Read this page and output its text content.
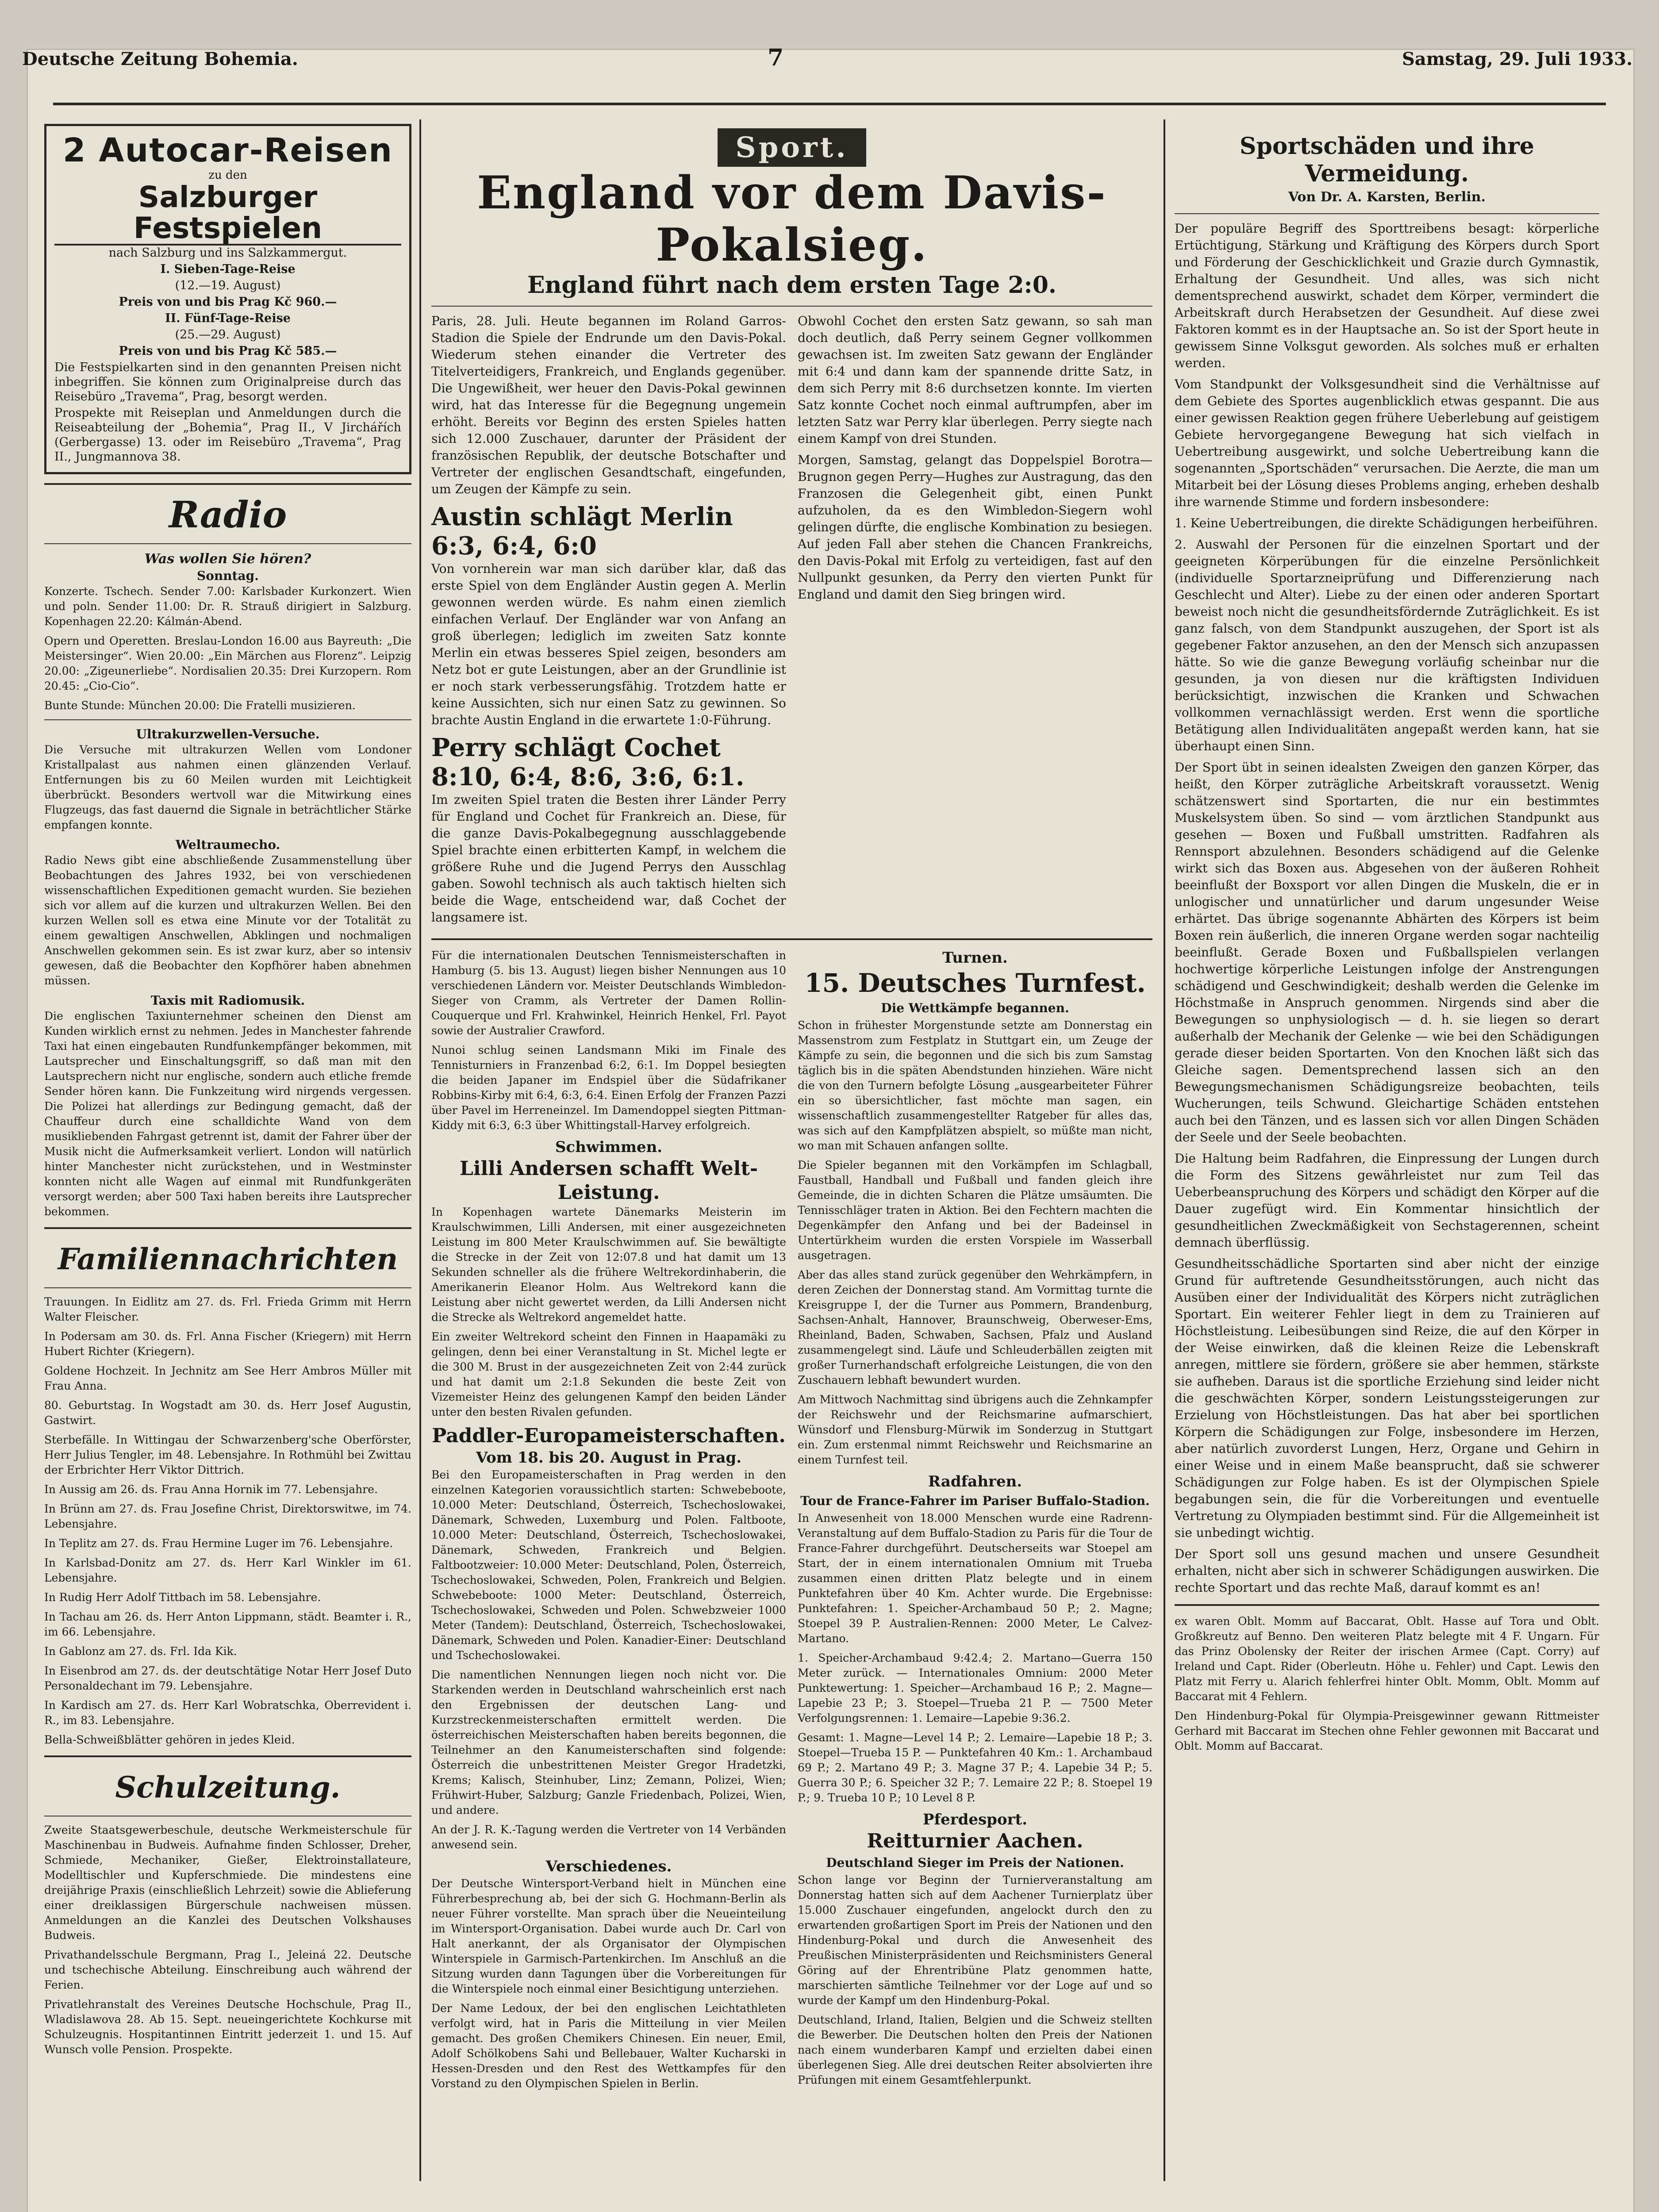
Deutsche Zeitung Bohemia.	7	Samstag, 29. Juli 1933.
2 Autocar-Reisen
zu den
Salzburger Festspielen

nach Salzburg und ins Salzkammergut.

I. Sieben-Tage-Reise

(12.—19. August)

Preis von und bis Prag Kč 960.—

II. Fünf-Tage-Reise

(25.—29. August)

Preis von und bis Prag Kč 585.—

Die Festspielkarten sind in den genannten Preisen nicht inbegriffen. Sie können zum Originalpreise durch das Reisebüro „Travema“, Prag, besorgt werden.

Prospekte mit Reiseplan und Anmeldungen durch die Reiseabteilung der „Bohemia“, Prag II., V Jirchářích (Gerbergasse) 13. oder im Reisebüro „Travema“, Prag II., Jungmannova 38.

Radio
Was wollen Sie hören?
Sonntag.

Konzerte. Tschech. Sender 7.00: Karlsbader Kurkonzert. Wien und poln. Sender 11.00: Dr. R. Strauß dirigiert in Salzburg. Kopenhagen 22.20: Kálmán-Abend.

Opern und Operetten. Breslau-London 16.00 aus Bayreuth: „Die Meistersinger“. Wien 20.00: „Ein Märchen aus Florenz“. Leipzig 20.00: „Zigeunerliebe“. Nordisalien 20.35: Drei Kurzopern. Rom 20.45: „Cio-Cio“.

Bunte Stunde: München 20.00: Die Fratelli musizieren.

Ultrakurzwellen-Versuche.

Die Versuche mit ultrakurzen Wellen vom Londoner Kristallpalast aus nahmen einen glänzenden Verlauf. Entfernungen bis zu 60 Meilen wurden mit Leichtigkeit überbrückt. Besonders wertvoll war die Mitwirkung eines Flugzeugs, das fast dauernd die Signale in beträchtlicher Stärke empfangen konnte.

Weltraumecho.

Radio News gibt eine abschließende Zusammenstellung über Beobachtungen des Jahres 1932, bei von verschiedenen wissenschaftlichen Expeditionen gemacht wurden. Sie beziehen sich vor allem auf die kurzen und ultrakurzen Wellen. Bei den kurzen Wellen soll es etwa eine Minute vor der Totalität zu einem gewaltigen Anschwellen, Abklingen und nochmaligen Anschwellen gekommen sein. Es ist zwar kurz, aber so intensiv gewesen, daß die Beobachter den Kopfhörer haben abnehmen müssen.

Taxis mit Radiomusik.

Die englischen Taxiunternehmer scheinen den Dienst am Kunden wirklich ernst zu nehmen. Jedes in Manchester fahrende Taxi hat einen eingebauten Rundfunkempfänger bekommen, mit Lautsprecher und Einschaltungsgriff, so daß man mit den Lautsprechern nicht nur englische, sondern auch etliche fremde Sender hören kann. Die Funkzeitung wird nirgends vergessen. Die Polizei hat allerdings zur Bedingung gemacht, daß der Chauffeur durch eine schalldichte Wand von dem musikliebenden Fahrgast getrennt ist, damit der Fahrer über der Musik nicht die Aufmerksamkeit verliert. London will natürlich hinter Manchester nicht zurückstehen, und in Westminster konnten nicht alle Wagen auf einmal mit Rundfunkgeräten versorgt werden; aber 500 Taxi haben bereits ihre Lautsprecher bekommen.

Familiennachrichten

Trauungen. In Eidlitz am 27. ds. Frl. Frieda Grimm mit Herrn Walter Fleischer.

In Podersam am 30. ds. Frl. Anna Fischer (Kriegern) mit Herrn Hubert Richter (Kriegern).

Goldene Hochzeit. In Jechnitz am See Herr Ambros Müller mit Frau Anna.

80. Geburtstag. In Wogstadt am 30. ds. Herr Josef Augustin, Gastwirt.

Sterbefälle. In Wittingau der Schwarzenberg'sche Oberförster, Herr Julius Tengler, im 48. Lebensjahre. In Rothmühl bei Zwittau der Erbrichter Herr Viktor Dittrich.

In Aussig am 26. ds. Frau Anna Hornik im 77. Lebensjahre.

In Brünn am 27. ds. Frau Josefine Christ, Direktorswitwe, im 74. Lebensjahre.

In Teplitz am 27. ds. Frau Hermine Luger im 76. Lebensjahre.

In Karlsbad-Donitz am 27. ds. Herr Karl Winkler im 61. Lebensjahre.

In Rudig Herr Adolf Tittbach im 58. Lebensjahre.

In Tachau am 26. ds. Herr Anton Lippmann, städt. Beamter i. R., im 66. Lebensjahre.

In Gablonz am 27. ds. Frl. Ida Kik.

In Eisenbrod am 27. ds. der deutschtätige Notar Herr Josef Duto Personaldechant im 79. Lebensjahre.

In Kardisch am 27. ds. Herr Karl Wobratschka, Oberrevident i. R., im 83. Lebensjahre.

Bella-Schweißblätter gehören in jedes Kleid.

Schulzeitung.

Zweite Staatsgewerbeschule, deutsche Werkmeisterschule für Maschinenbau in Budweis. Aufnahme finden Schlosser, Dreher, Schmiede, Mechaniker, Gießer, Elektroinstallateure, Modelltischler und Kupferschmiede. Die mindestens eine dreijährige Praxis (einschließlich Lehrzeit) sowie die Ablieferung einer dreiklassigen Bürgerschule nachweisen müssen. Anmeldungen an die Kanzlei des Deutschen Volkshauses Budweis.

Privathandelsschule Bergmann, Prag I., Jeleiná 22. Deutsche und tschechische Abteilung. Einschreibung auch während der Ferien.

Privatlehranstalt des Vereines Deutsche Hochschule, Prag II., Wladislawova 28. Ab 15. Sept. neueingerichtete Kochkurse mit Schulzeugnis. Hospitantinnen Eintritt jederzeit 1. und 15. Auf Wunsch volle Pension. Prospekte.

Sport.
England vor dem Davis-Pokalsieg.
England führt nach dem ersten Tage 2:0.

Paris, 28. Juli. Heute begannen im Roland Garros-Stadion die Spiele der Endrunde um den Davis-Pokal. Wiederum stehen einander die Vertreter des Titelverteidigers, Frankreich, und Englands gegenüber. Die Ungewißheit, wer heuer den Davis-Pokal gewinnen wird, hat das Interesse für die Begegnung ungemein erhöht. Bereits vor Beginn des ersten Spieles hatten sich 12.000 Zuschauer, darunter der Präsident der französischen Republik, der deutsche Botschafter und Vertreter der englischen Gesandtschaft, eingefunden, um Zeugen der Kämpfe zu sein.

Austin schlägt Merlin 6:3, 6:4, 6:0

Von vornherein war man sich darüber klar, daß das erste Spiel von dem Engländer Austin gegen A. Merlin gewonnen werden würde. Es nahm einen ziemlich einfachen Verlauf. Der Engländer war von Anfang an groß überlegen; lediglich im zweiten Satz konnte Merlin ein etwas besseres Spiel zeigen, besonders am Netz bot er gute Leistungen, aber an der Grundlinie ist er noch stark verbesserungsfähig. Trotzdem hatte er keine Aussichten, sich nur einen Satz zu gewinnen. So brachte Austin England in die erwartete 1:0-Führung.

Perry schlägt Cochet 8:10, 6:4, 8:6, 3:6, 6:1.

Im zweiten Spiel traten die Besten ihrer Länder Perry für England und Cochet für Frankreich an. Diese, für die ganze Davis-Pokalbegegnung ausschlaggebende Spiel brachte einen erbitterten Kampf, in welchem die größere Ruhe und die Jugend Perrys den Ausschlag gaben. Sowohl technisch als auch taktisch hielten sich beide die Wage, entscheidend war, daß Cochet der langsamere ist.

Obwohl Cochet den ersten Satz gewann, so sah man doch deutlich, daß Perry seinem Gegner vollkommen gewachsen ist. Im zweiten Satz gewann der Engländer mit 6:4 und dann kam der spannende dritte Satz, in dem sich Perry mit 8:6 durchsetzen konnte. Im vierten Satz konnte Cochet noch einmal auftrumpfen, aber im letzten Satz war Perry klar überlegen. Perry siegte nach einem Kampf von drei Stunden.

Morgen, Samstag, gelangt das Doppelspiel Borotra—Brugnon gegen Perry—Hughes zur Austragung, das den Franzosen die Gelegenheit gibt, einen Punkt aufzuholen, da es den Wimbledon-Siegern wohl gelingen dürfte, die englische Kombination zu besiegen. Auf jeden Fall aber stehen die Chancen Frankreichs, den Davis-Pokal mit Erfolg zu verteidigen, fast auf den Nullpunkt gesunken, da Perry den vierten Punkt für England und damit den Sieg bringen wird.

Für die internationalen Deutschen Tennismeisterschaften in Hamburg (5. bis 13. August) liegen bisher Nennungen aus 10 verschiedenen Ländern vor. Meister Deutschlands Wimbledon-Sieger von Cramm, als Vertreter der Damen Rollin-Couquerque und Frl. Krahwinkel, Heinrich Henkel, Frl. Payot sowie der Australier Crawford.

Nunoi schlug seinen Landsmann Miki im Finale des Tennisturniers in Franzenbad 6:2, 6:1. Im Doppel besiegten die beiden Japaner im Endspiel über die Südafrikaner Robbins-Kirby mit 6:4, 6:3, 6:4. Einen Erfolg der Franzen Pazzi über Pavel im Herreneinzel. Im Damendoppel siegten Pittman-Kiddy mit 6:3, 6:3 über Whittingstall-Harvey erfolgreich.

Schwimmen.
Lilli Andersen schafft Welt-Leistung.

In Kopenhagen wartete Dänemarks Meisterin im Kraulschwimmen, Lilli Andersen, mit einer ausgezeichneten Leistung im 800 Meter Kraulschwimmen auf. Sie bewältigte die Strecke in der Zeit von 12:07.8 und hat damit um 13 Sekunden schneller als die frühere Weltrekordinhaberin, die Amerikanerin Eleanor Holm. Aus Weltrekord kann die Leistung aber nicht gewertet werden, da Lilli Andersen nicht die Strecke als Weltrekord angemeldet hatte.

Ein zweiter Weltrekord scheint den Finnen in Haapamäki zu gelingen, denn bei einer Veranstaltung in St. Michel legte er die 300 M. Brust in der ausgezeichneten Zeit von 2:44 zurück und hat damit um 2:1.8 Sekunden die beste Zeit von Vizemeister Heinz des gelungenen Kampf den beiden Länder unter den besten Rivalen gefunden.

Paddler-Europameisterschaften.
Vom 18. bis 20. August in Prag.

Bei den Europameisterschaften in Prag werden in den einzelnen Kategorien voraussichtlich starten: Schwebeboote, 10.000 Meter: Deutschland, Österreich, Tschechoslowakei, Dänemark, Schweden, Luxemburg und Polen. Faltboote, 10.000 Meter: Deutschland, Österreich, Tschechoslowakei, Dänemark, Schweden, Frankreich und Belgien. Faltbootzweier: 10.000 Meter: Deutschland, Polen, Österreich, Tschechoslowakei, Schweden, Polen, Frankreich und Belgien. Schwebeboote: 1000 Meter: Deutschland, Österreich, Tschechoslowakei, Schweden und Polen. Schwebzweier 1000 Meter (Tandem): Deutschland, Österreich, Tschechoslowakei, Dänemark, Schweden und Polen. Kanadier-Einer: Deutschland und Tschechoslowakei.

Die namentlichen Nennungen liegen noch nicht vor. Die Starkenden werden in Deutschland wahrscheinlich erst nach den Ergebnissen der deutschen Lang- und Kurzstreckenmeisterschaften ermittelt werden. Die österreichischen Meisterschaften haben bereits begonnen, die Teilnehmer an den Kanumeisterschaften sind folgende: Österreich die unbestrittenen Meister Gregor Hradetzki, Krems; Kalisch, Steinhuber, Linz; Zemann, Polizei, Wien; Frühwirt-Huber, Salzburg; Ganzle Friedenbach, Polizei, Wien, und andere.

An der J. R. K.-Tagung werden die Vertreter von 14 Verbänden anwesend sein.

Verschiedenes.

Der Deutsche Wintersport-Verband hielt in München eine Führerbesprechung ab, bei der sich G. Hochmann-Berlin als neuer Führer vorstellte. Man sprach über die Neueinteilung im Wintersport-Organisation. Dabei wurde auch Dr. Carl von Halt anerkannt, der als Organisator der Olympischen Winterspiele in Garmisch-Partenkirchen. Im Anschluß an die Sitzung wurden dann Tagungen über die Vorbereitungen für die Winterspiele noch einmal einer Besichtigung unterziehen.

Der Name Ledoux, der bei den englischen Leichtathleten verfolgt wird, hat in Paris die Mitteilung in vier Meilen gemacht. Des großen Chemikers Chinesen. Ein neuer, Emil, Adolf Schölkobens Sahi und Bellebauer, Walter Kucharski in Hessen-Dresden und den Rest des Wettkampfes für den Vorstand zu den Olympischen Spielen in Berlin.

Turnen.
15. Deutsches Turnfest.
Die Wettkämpfe begannen.

Schon in frühester Morgenstunde setzte am Donnerstag ein Massenstrom zum Festplatz in Stuttgart ein, um Zeuge der Kämpfe zu sein, die begonnen und die sich bis zum Samstag täglich bis in die späten Abendstunden hinziehen. Wäre nicht die von den Turnern befolgte Lösung „ausgearbeiteter Führer ein so übersichtlicher, fast möchte man sagen, ein wissenschaftlich zusammengestellter Ratgeber für alles das, was sich auf den Kampfplätzen abspielt, so müßte man nicht, wo man mit Schauen anfangen sollte.

Die Spieler begannen mit den Vorkämpfen im Schlagball, Faustball, Handball und Fußball und fanden gleich ihre Gemeinde, die in dichten Scharen die Plätze umsäumten. Die Tennisschläger traten in Aktion. Bei den Fechtern machten die Degenkämpfer den Anfang und bei der Badeinsel in Untertürkheim wurden die ersten Vorspiele im Wasserball ausgetragen.

Aber das alles stand zurück gegenüber den Wehrkämpfern, in deren Zeichen der Donnerstag stand. Am Vormittag turnte die Kreisgruppe I, der die Turner aus Pommern, Brandenburg, Sachsen-Anhalt, Hannover, Braunschweig, Oberweser-Ems, Rheinland, Baden, Schwaben, Sachsen, Pfalz und Ausland zusammengelegt sind. Läufe und Schleuderbällen zeigten mit großer Turnerhandschaft erfolgreiche Leistungen, die von den Zuschauern lebhaft bewundert wurden.

Am Mittwoch Nachmittag sind übrigens auch die Zehnkampfer der Reichswehr und der Reichsmarine aufmarschiert, Wünsdorf und Flensburg-Mürwik im Sonderzug in Stuttgart ein. Zum erstenmal nimmt Reichswehr und Reichsmarine an einem Turnfest teil.

Radfahren.
Tour de France-Fahrer im Pariser Buffalo-Stadion.

In Anwesenheit von 18.000 Menschen wurde eine Radrenn-Veranstaltung auf dem Buffalo-Stadion zu Paris für die Tour de France-Fahrer durchgeführt. Deutscherseits war Stoepel am Start, der in einem internationalen Omnium mit Trueba zusammen einen dritten Platz belegte und in einem Punktefahren über 40 Km. Achter wurde. Die Ergebnisse: Punktefahren: 1. Speicher-Archambaud 50 P.; 2. Magne; Stoepel 39 P. Australien-Rennen: 2000 Meter, Le Calvez-Martano.

1. Speicher-Archambaud 9:42.4; 2. Martano—Guerra 150 Meter zurück. — Internationales Omnium: 2000 Meter Punktewertung: 1. Speicher—Archambaud 16 P.; 2. Magne—Lapebie 23 P.; 3. Stoepel—Trueba 21 P. — 7500 Meter Verfolgungsrennen: 1. Lemaire—Lapebie 9:36.2.

Gesamt: 1. Magne—Level 14 P.; 2. Lemaire—Lapebie 18 P.; 3. Stoepel—Trueba 15 P. — Punktefahren 40 Km.: 1. Archambaud 69 P.; 2. Martano 49 P.; 3. Magne 37 P.; 4. Lapebie 34 P.; 5. Guerra 30 P.; 6. Speicher 32 P.; 7. Lemaire 22 P.; 8. Stoepel 19 P.; 9. Trueba 10 P.; 10 Level 8 P.

Pferdesport.
Reitturnier Aachen.
Deutschland Sieger im Preis der Nationen.

Schon lange vor Beginn der Turnierveranstaltung am Donnerstag hatten sich auf dem Aachener Turnierplatz über 15.000 Zuschauer eingefunden, angelockt durch den zu erwartenden großartigen Sport im Preis der Nationen und den Hindenburg-Pokal und durch die Anwesenheit des Preußischen Ministerpräsidenten und Reichsministers General Göring auf der Ehrentribüne Platz genommen hatte, marschierten sämtliche Teilnehmer vor der Loge auf und so wurde der Kampf um den Hindenburg-Pokal.

Deutschland, Irland, Italien, Belgien und die Schweiz stellten die Bewerber. Die Deutschen holten den Preis der Nationen nach einem wunderbaren Kampf und erzielten dabei einen überlegenen Sieg. Alle drei deutschen Reiter absolvierten ihre Prüfungen mit einem Gesamtfehlerpunkt.

Sportschäden und ihre Vermeidung.
Von Dr. A. Karsten, Berlin.

Der populäre Begriff des Sporttreibens besagt: körperliche Ertüchtigung, Stärkung und Kräftigung des Körpers durch Sport und Förderung der Geschicklichkeit und Grazie durch Gymnastik, Erhaltung der Gesundheit. Und alles, was sich nicht dementsprechend auswirkt, schadet dem Körper, vermindert die Arbeitskraft durch Herabsetzen der Gesundheit. Auf diese zwei Faktoren kommt es in der Hauptsache an. So ist der Sport heute in gewissem Sinne Volksgut geworden. Als solches muß er erhalten werden.

Vom Standpunkt der Volksgesundheit sind die Verhältnisse auf dem Gebiete des Sportes augenblicklich etwas gespannt. Die aus einer gewissen Reaktion gegen frühere Ueberlebung auf geistigem Gebiete hervorgegangene Bewegung hat sich vielfach in Uebertreibung ausgewirkt, und solche Uebertreibung kann die sogenannten „Sportschäden“ verursachen. Die Aerzte, die man um Mitarbeit bei der Lösung dieses Problems anging, erheben deshalb ihre warnende Stimme und fordern insbesondere:

1. Keine Uebertreibungen, die direkte Schädigungen herbeiführen.

2. Auswahl der Personen für die einzelnen Sportart und der geeigneten Körperübungen für die einzelne Persönlichkeit (individuelle Sportarzneiprüfung und Differenzierung nach Geschlecht und Alter). Liebe zu der einen oder anderen Sportart beweist noch nicht die gesundheitsfördernde Zuträglichkeit. Es ist ganz falsch, von dem Standpunkt auszugehen, der Sport ist als gegebener Faktor anzusehen, an den der Mensch sich anzupassen hätte. So wie die ganze Bewegung vorläufig scheinbar nur die gesunden, ja von diesen nur die kräftigsten Individuen berücksichtigt, inzwischen die Kranken und Schwachen vollkommen vernachlässigt werden. Erst wenn die sportliche Betätigung allen Individualitäten angepaßt werden kann, hat sie überhaupt einen Sinn.

Der Sport übt in seinen idealsten Zweigen den ganzen Körper, das heißt, den Körper zuträgliche Arbeitskraft voraussetzt. Wenig schätzenswert sind Sportarten, die nur ein bestimmtes Muskelsystem üben. So sind — vom ärztlichen Standpunkt aus gesehen — Boxen und Fußball umstritten. Radfahren als Rennsport abzulehnen. Besonders schädigend auf die Gelenke wirkt sich das Boxen aus. Abgesehen von der äußeren Rohheit beeinflußt der Boxsport vor allen Dingen die Muskeln, die er in unlogischer und unnatürlicher und darum ungesunder Weise erhärtet. Das übrige sogenannte Abhärten des Körpers ist beim Boxen rein äußerlich, die inneren Organe werden sogar nachteilig beeinflußt. Gerade Boxen und Fußballspielen verlangen hochwertige körperliche Leistungen infolge der Anstrengungen schädigend und Geschwindigkeit; deshalb werden die Gelenke im Höchstmaße in Anspruch genommen. Nirgends sind aber die Bewegungen so unphysiologisch — d. h. sie liegen so derart außerhalb der Mechanik der Gelenke — wie bei den Schädigungen gerade dieser beiden Sportarten. Von den Knochen läßt sich das Gleiche sagen. Dementsprechend lassen sich an den Bewegungsmechanismen Schädigungsreize beobachten, teils Wucherungen, teils Schwund. Gleichartige Schäden entstehen auch bei den Tänzen, und es lassen sich vor allen Dingen Schäden der Seele und der Seele beobachten.

Die Haltung beim Radfahren, die Einpressung der Lungen durch die Form des Sitzens gewährleistet nur zum Teil das Ueberbeanspruchung des Körpers und schädigt den Körper auf die Dauer zugefügt wird. Ein Kommentar hinsichtlich der gesundheitlichen Zweckmäßigkeit von Sechstagerennen, scheint demnach überflüssig.

Gesundheitsschädliche Sportarten sind aber nicht der einzige Grund für auftretende Gesundheitsstörungen, auch nicht das Ausüben einer der Individualität des Körpers nicht zuträglichen Sportart. Ein weiterer Fehler liegt in dem zu Trainieren auf Höchstleistung. Leibesübungen sind Reize, die auf den Körper in der Weise einwirken, daß die kleinen Reize die Lebenskraft anregen, mittlere sie fördern, größere sie aber hemmen, stärkste sie aufheben. Daraus ist die sportliche Erziehung sind leider nicht die geschwächten Körper, sondern Leistungssteigerungen zur Erzielung von Höchstleistungen. Das hat aber bei sportlichen Körpern die Schädigungen zur Folge, insbesondere im Herzen, aber natürlich zuvorderst Lungen, Herz, Organe und Gehirn in einer Weise und in einem Maße beansprucht, daß sie schwerer Schädigungen zur Folge haben. Es ist der Olympischen Spiele begabungen sein, die für die Vorbereitungen und eventuelle Vertretung zu Olympiaden bestimmt sind. Für die Allgemeinheit ist sie unbedingt wichtig.

Der Sport soll uns gesund machen und unsere Gesundheit erhalten, nicht aber sich in schwerer Schädigungen auswirken. Die rechte Sportart und das rechte Maß, darauf kommt es an!

ex waren Oblt. Momm auf Baccarat, Oblt. Hasse auf Tora und Oblt. Großkreutz auf Benno. Den weiteren Platz belegte mit 4 F. Ungarn. Für das Prinz Obolensky der Reiter der irischen Armee (Capt. Corry) auf Ireland und Capt. Rider (Oberleutn. Höhe u. Fehler) und Capt. Lewis den Platz mit Ferry u. Alarich fehlerfrei hinter Oblt. Momm, Oblt. Momm auf Baccarat mit 4 Fehlern.

Den Hindenburg-Pokal für Olympia-Preisgewinner gewann Rittmeister Gerhard mit Baccarat im Stechen ohne Fehler gewonnen mit Baccarat und Oblt. Momm auf Baccarat.
